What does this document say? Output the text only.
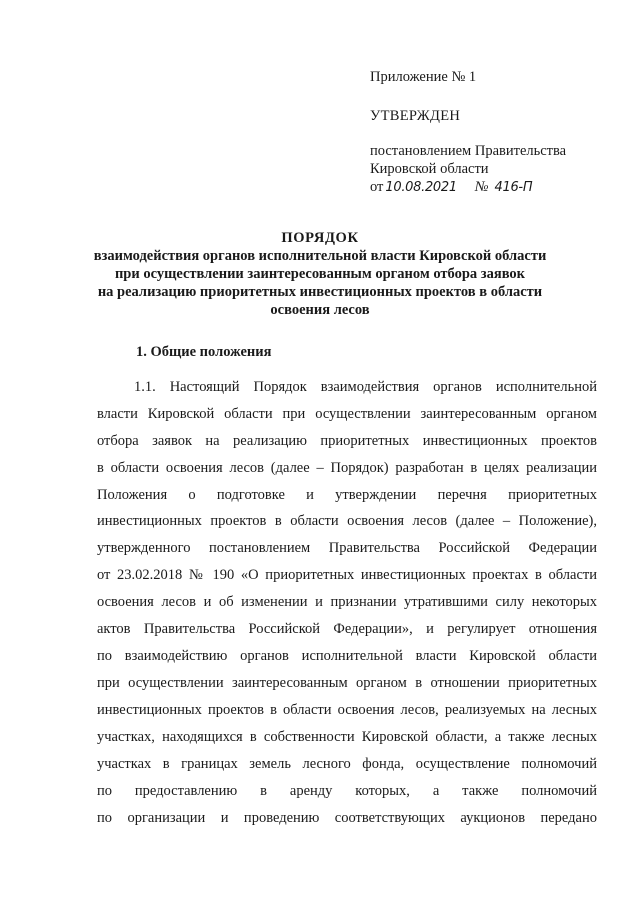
Приложение № 1
УТВЕРЖДЕН
постановлением Правительства
Кировской области
от 10.08.2021 № 416-П
ПОРЯДОК
взаимодействия органов исполнительной власти Кировской области
при осуществлении заинтересованным органом отбора заявок
на реализацию приоритетных инвестиционных проектов в области
освоения лесов
1. Общие положения
1.1. Настоящий Порядок взаимодействия органов исполнительной
власти Кировской области при осуществлении заинтересованным органом
отбора заявок на реализацию приоритетных инвестиционных проектов
в области освоения лесов (далее – Порядок) разработан в целях реализации
Положения о подготовке и утверждении перечня приоритетных
инвестиционных проектов в области освоения лесов (далее – Положение),
утвержденного постановлением Правительства Российской Федерации
от 23.02.2018 № 190 «О приоритетных инвестиционных проектах в области
освоения лесов и об изменении и признании утратившими силу некоторых
актов Правительства Российской Федерации», и регулирует отношения
по взаимодействию органов исполнительной власти Кировской области
при осуществлении заинтересованным органом в отношении приоритетных
инвестиционных проектов в области освоения лесов, реализуемых на лесных
участках, находящихся в собственности Кировской области, а также лесных
участках в границах земель лесного фонда, осуществление полномочий
по предоставлению в аренду которых, а также полномочий
по организации и проведению соответствующих аукционов передано
